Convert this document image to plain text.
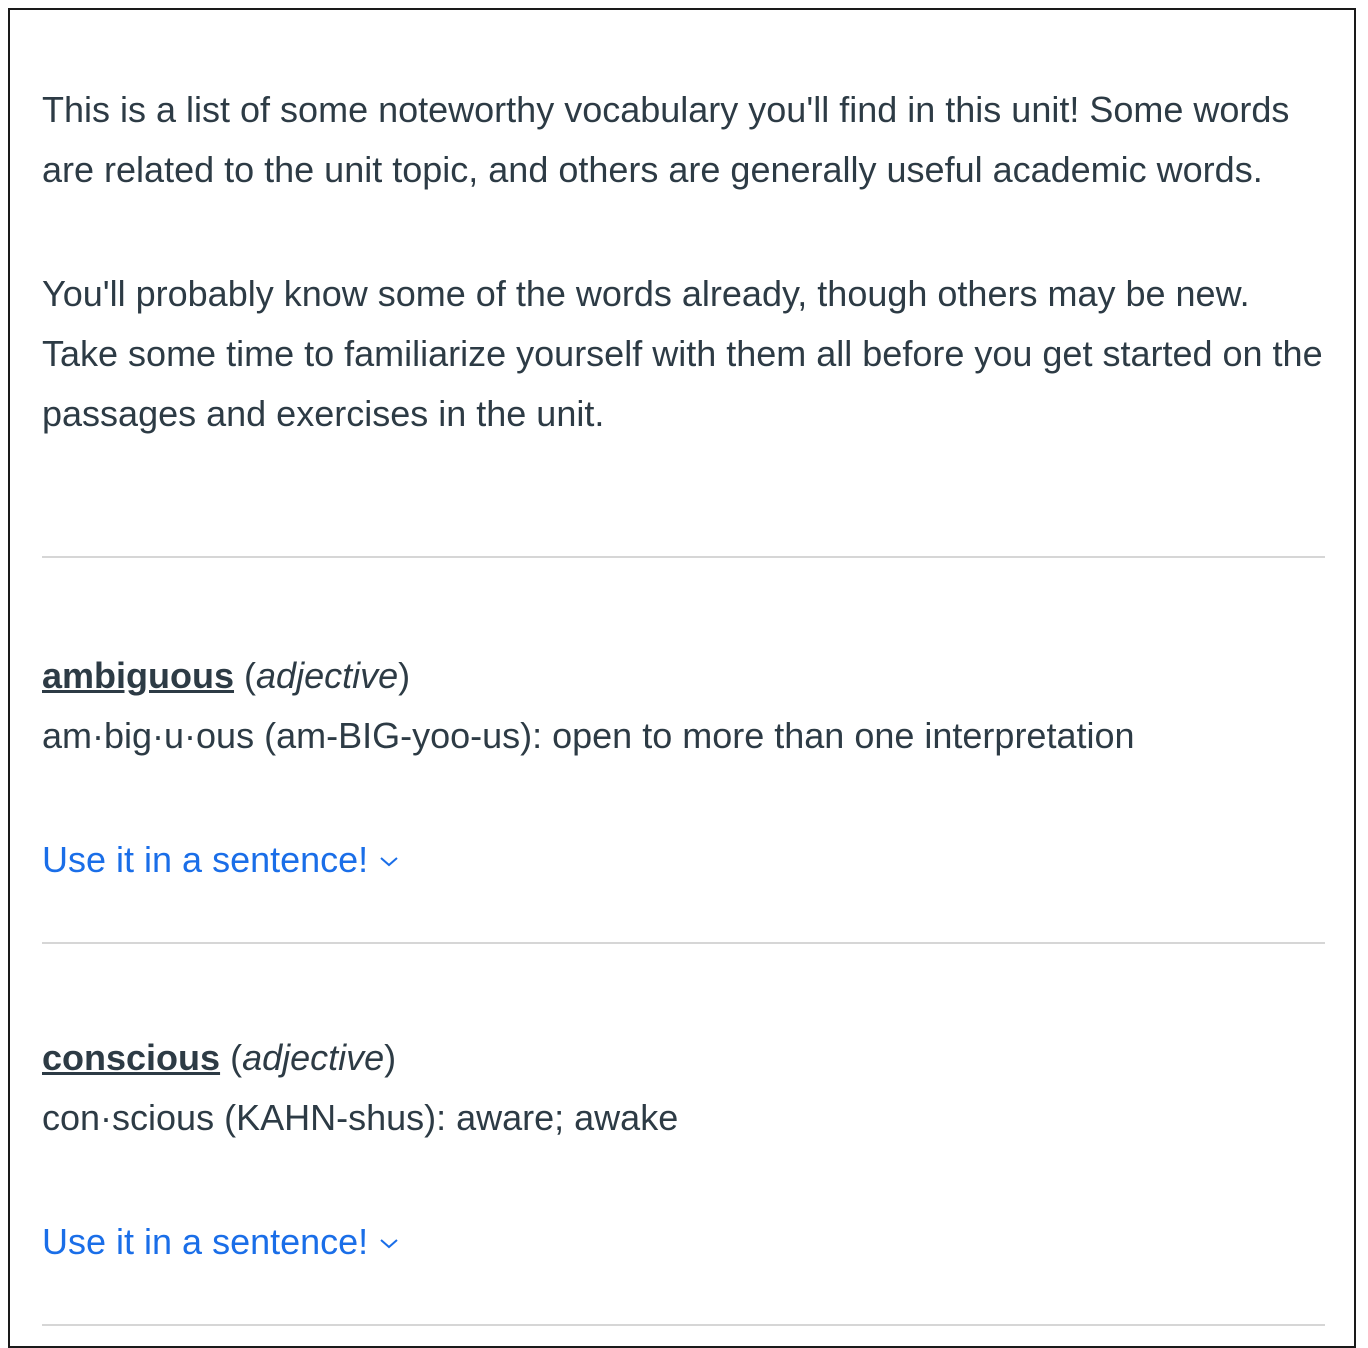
This is a list of some noteworthy vocabulary you'll find in this unit! Some words are related to the unit topic, and others are generally useful academic words.

You'll probably know some of the words already, though others may be new. Take some time to familiarize yourself with them all before you get started on the passages and exercises in the unit.

ambiguous (adjective)

am·big·u·ous (am-BIG-yoo-us): open to more than one interpretation

Use it in a sentence!

conscious (adjective)

con·scious (KAHN-shus): aware; awake

Use it in a sentence!
